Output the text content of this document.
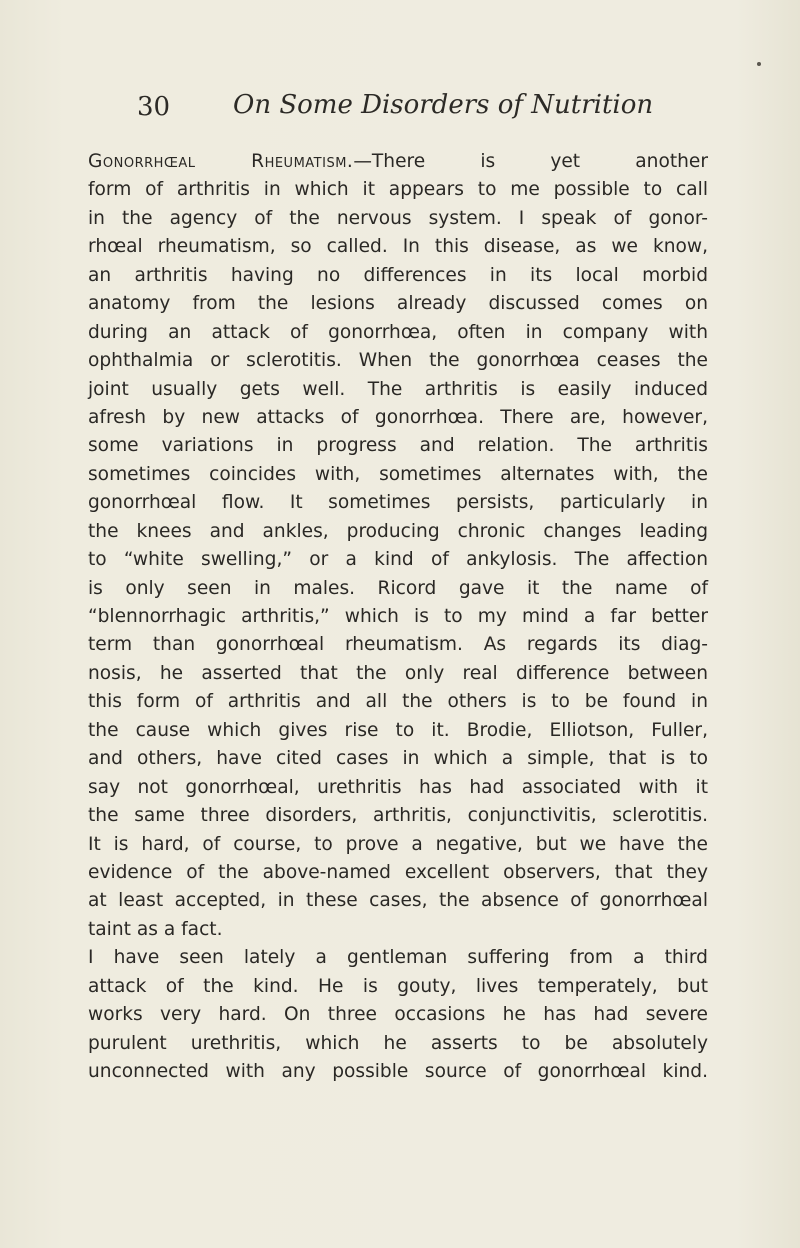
30 On Some Disorders of Nutrition
Gonorrhœal Rheumatism.—There is yet another
form of arthritis in which it appears to me possible to call
in the agency of the nervous system. I speak of gonor-
rhœal rheumatism, so called. In this disease, as we know,
an arthritis having no differences in its local morbid
anatomy from the lesions already discussed comes on
during an attack of gonorrhœa, often in company with
ophthalmia or sclerotitis. When the gonorrhœa ceases the
joint usually gets well. The arthritis is easily induced
afresh by new attacks of gonorrhœa. There are, however,
some variations in progress and relation. The arthritis
sometimes coincides with, sometimes alternates with, the
gonorrhœal flow. It sometimes persists, particularly in
the knees and ankles, producing chronic changes leading
to “white swelling,” or a kind of ankylosis. The affection
is only seen in males. Ricord gave it the name of
“blennorrhagic arthritis,” which is to my mind a far better
term than gonorrhœal rheumatism. As regards its diag-
nosis, he asserted that the only real difference between
this form of arthritis and all the others is to be found in
the cause which gives rise to it. Brodie, Elliotson, Fuller,
and others, have cited cases in which a simple, that is to
say not gonorrhœal, urethritis has had associated with it
the same three disorders, arthritis, conjunctivitis, sclerotitis.
It is hard, of course, to prove a negative, but we have the
evidence of the above-named excellent observers, that they
at least accepted, in these cases, the absence of gonorrhœal
taint as a fact.
I have seen lately a gentleman suffering from a third
attack of the kind. He is gouty, lives temperately, but
works very hard. On three occasions he has had severe
purulent urethritis, which he asserts to be absolutely
unconnected with any possible source of gonorrhœal kind.
